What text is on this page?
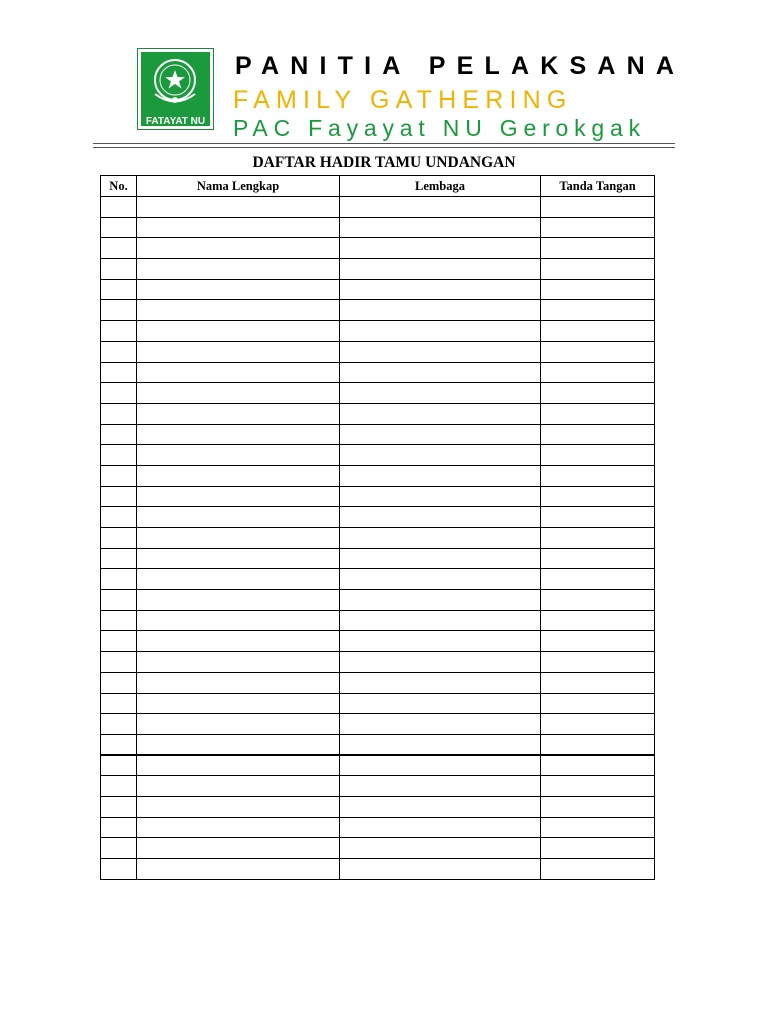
FATAYAT NU
PANITIA PELAKSANA
FAMILY GATHERING
PAC Fayayat NU Gerokgak
DAFTAR HADIR TAMU UNDANGAN
No.	Nama Lengkap	Lembaga	Tanda Tangan
